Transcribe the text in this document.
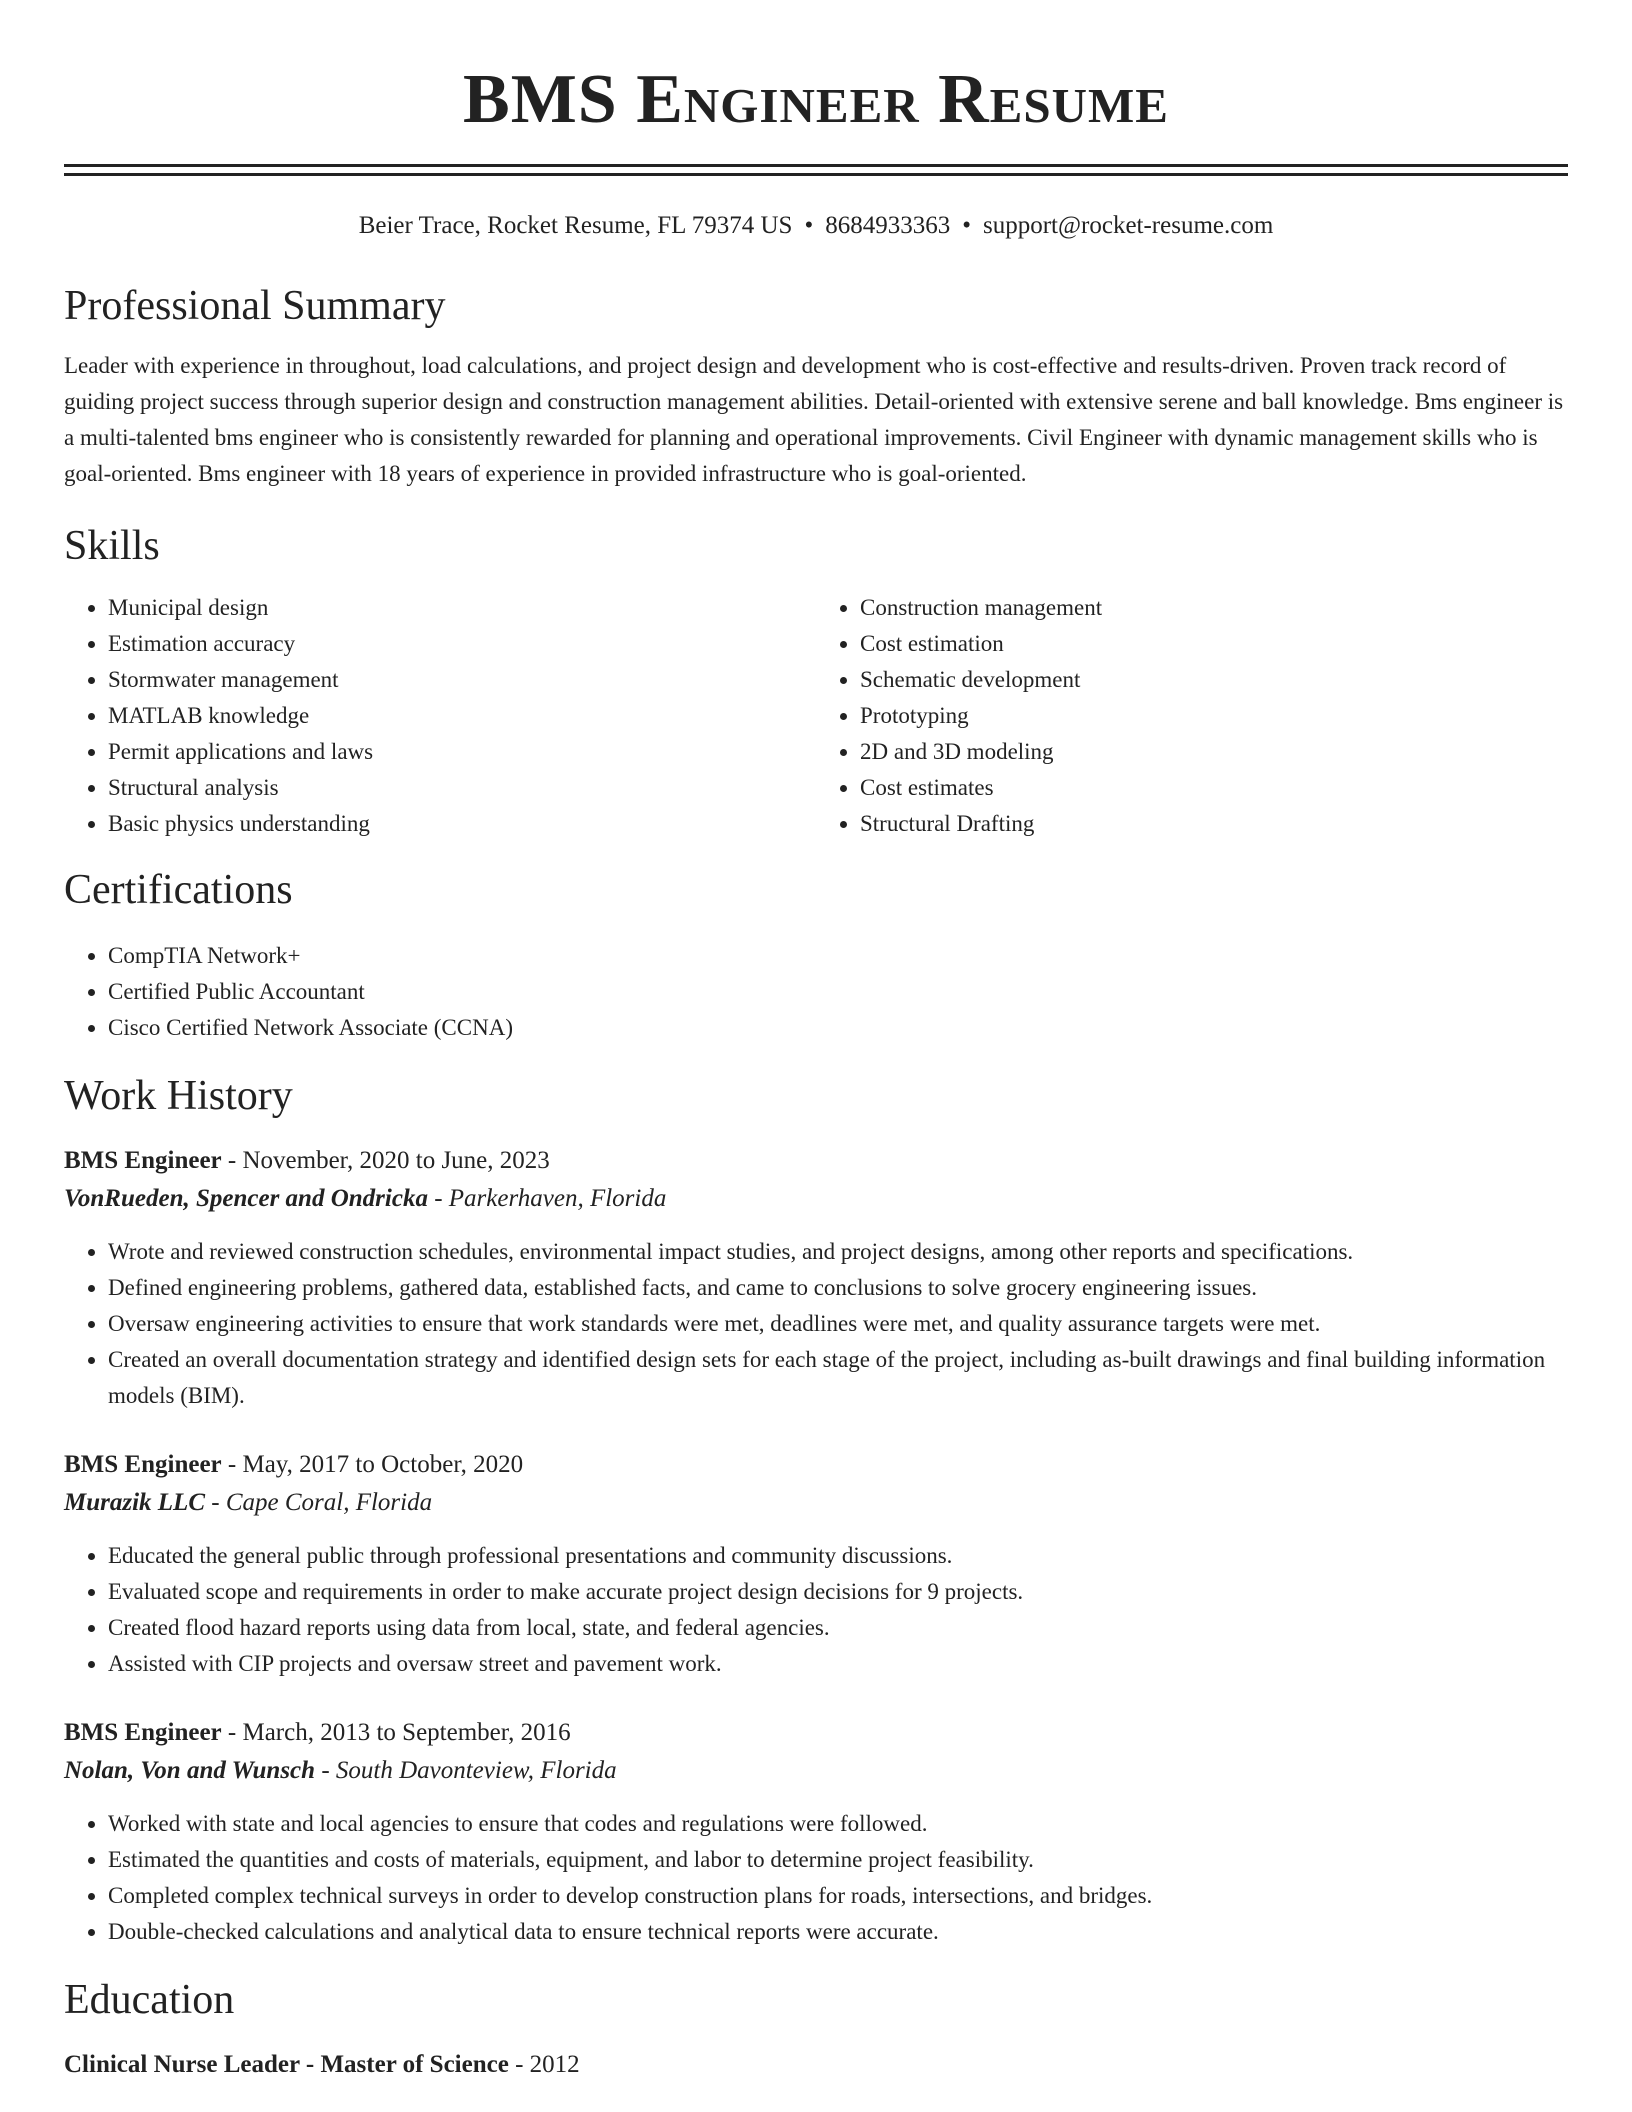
BMS Engineer Resume
Beier Trace, Rocket Resume, FL 79374 US • 8684933363 • support@rocket-resume.com
Professional Summary
Leader with experience in throughout, load calculations, and project design and development who is cost-effective and results-driven. Proven track record of guiding project success through superior design and construction management abilities. Detail-oriented with extensive serene and ball knowledge. Bms engineer is a multi-talented bms engineer who is consistently rewarded for planning and operational improvements. Civil Engineer with dynamic management skills who is goal-oriented. Bms engineer with 18 years of experience in provided infrastructure who is goal-oriented.
Skills
• Municipal design
• Estimation accuracy
• Stormwater management
• MATLAB knowledge
• Permit applications and laws
• Structural analysis
• Basic physics understanding
• Construction management
• Cost estimation
• Schematic development
• Prototyping
• 2D and 3D modeling
• Cost estimates
• Structural Drafting
Certifications
• CompTIA Network+
• Certified Public Accountant
• Cisco Certified Network Associate (CCNA)
Work History
BMS Engineer - November, 2020 to June, 2023
VonRueden, Spencer and Ondricka - Parkerhaven, Florida
• Wrote and reviewed construction schedules, environmental impact studies, and project designs, among other reports and specifications.
• Defined engineering problems, gathered data, established facts, and came to conclusions to solve grocery engineering issues.
• Oversaw engineering activities to ensure that work standards were met, deadlines were met, and quality assurance targets were met.
• Created an overall documentation strategy and identified design sets for each stage of the project, including as-built drawings and final building information models (BIM).
BMS Engineer - May, 2017 to October, 2020
Murazik LLC - Cape Coral, Florida
• Educated the general public through professional presentations and community discussions.
• Evaluated scope and requirements in order to make accurate project design decisions for 9 projects.
• Created flood hazard reports using data from local, state, and federal agencies.
• Assisted with CIP projects and oversaw street and pavement work.
BMS Engineer - March, 2013 to September, 2016
Nolan, Von and Wunsch - South Davonteview, Florida
• Worked with state and local agencies to ensure that codes and regulations were followed.
• Estimated the quantities and costs of materials, equipment, and labor to determine project feasibility.
• Completed complex technical surveys in order to develop construction plans for roads, intersections, and bridges.
• Double-checked calculations and analytical data to ensure technical reports were accurate.
Education
Clinical Nurse Leader - Master of Science - 2012
